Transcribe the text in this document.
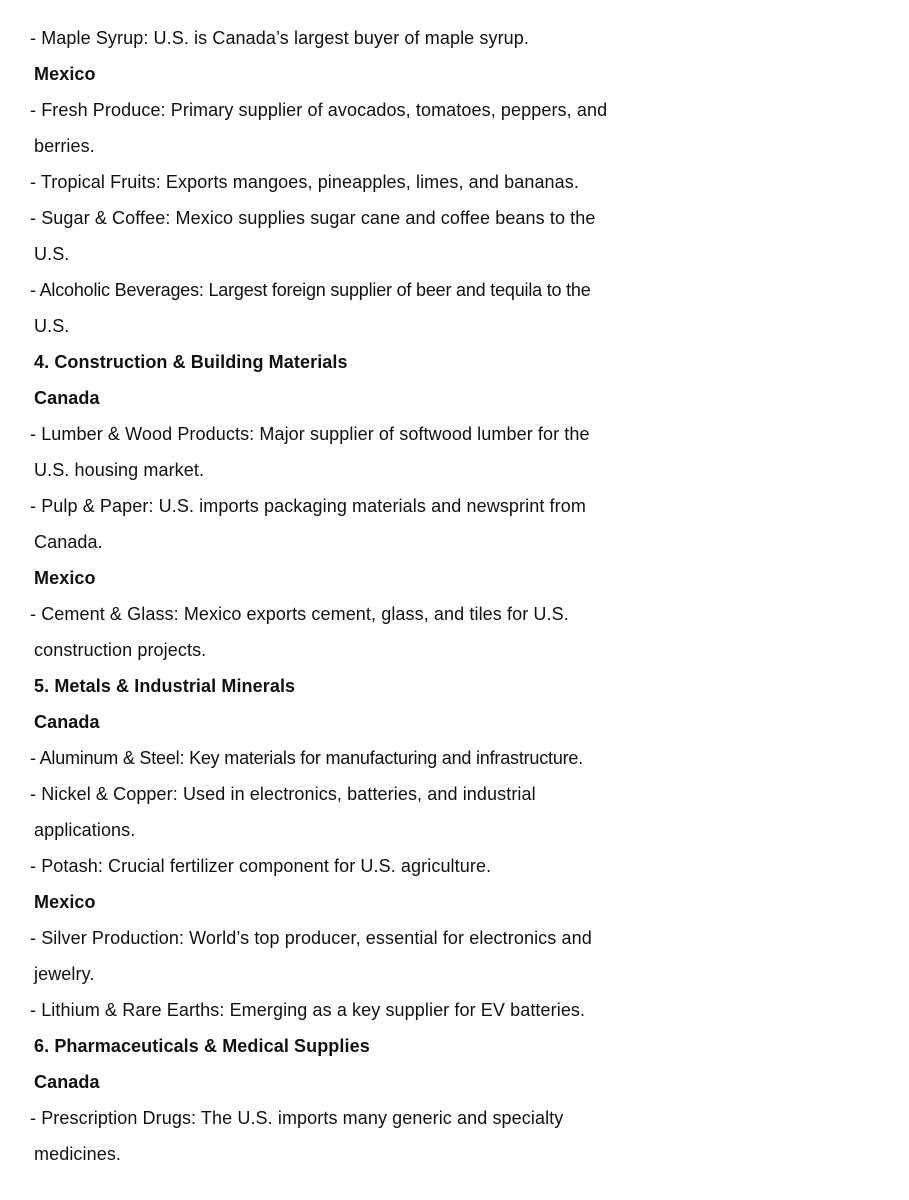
- Maple Syrup: U.S. is Canada’s largest buyer of maple syrup.
Mexico
- Fresh Produce: Primary supplier of avocados, tomatoes, peppers, and
berries.
- Tropical Fruits: Exports mangoes, pineapples, limes, and bananas.
- Sugar & Coffee: Mexico supplies sugar cane and coffee beans to the
U.S.
- Alcoholic Beverages: Largest foreign supplier of beer and tequila to the
U.S.
4. Construction & Building Materials
Canada
- Lumber & Wood Products: Major supplier of softwood lumber for the
U.S. housing market.
- Pulp & Paper: U.S. imports packaging materials and newsprint from
Canada.
Mexico
- Cement & Glass: Mexico exports cement, glass, and tiles for U.S.
construction projects.
5. Metals & Industrial Minerals
Canada
- Aluminum & Steel: Key materials for manufacturing and infrastructure.
- Nickel & Copper: Used in electronics, batteries, and industrial
applications.
- Potash: Crucial fertilizer component for U.S. agriculture.
Mexico
- Silver Production: World’s top producer, essential for electronics and
jewelry.
- Lithium & Rare Earths: Emerging as a key supplier for EV batteries.
6. Pharmaceuticals & Medical Supplies
Canada
- Prescription Drugs: The U.S. imports many generic and specialty
medicines.
